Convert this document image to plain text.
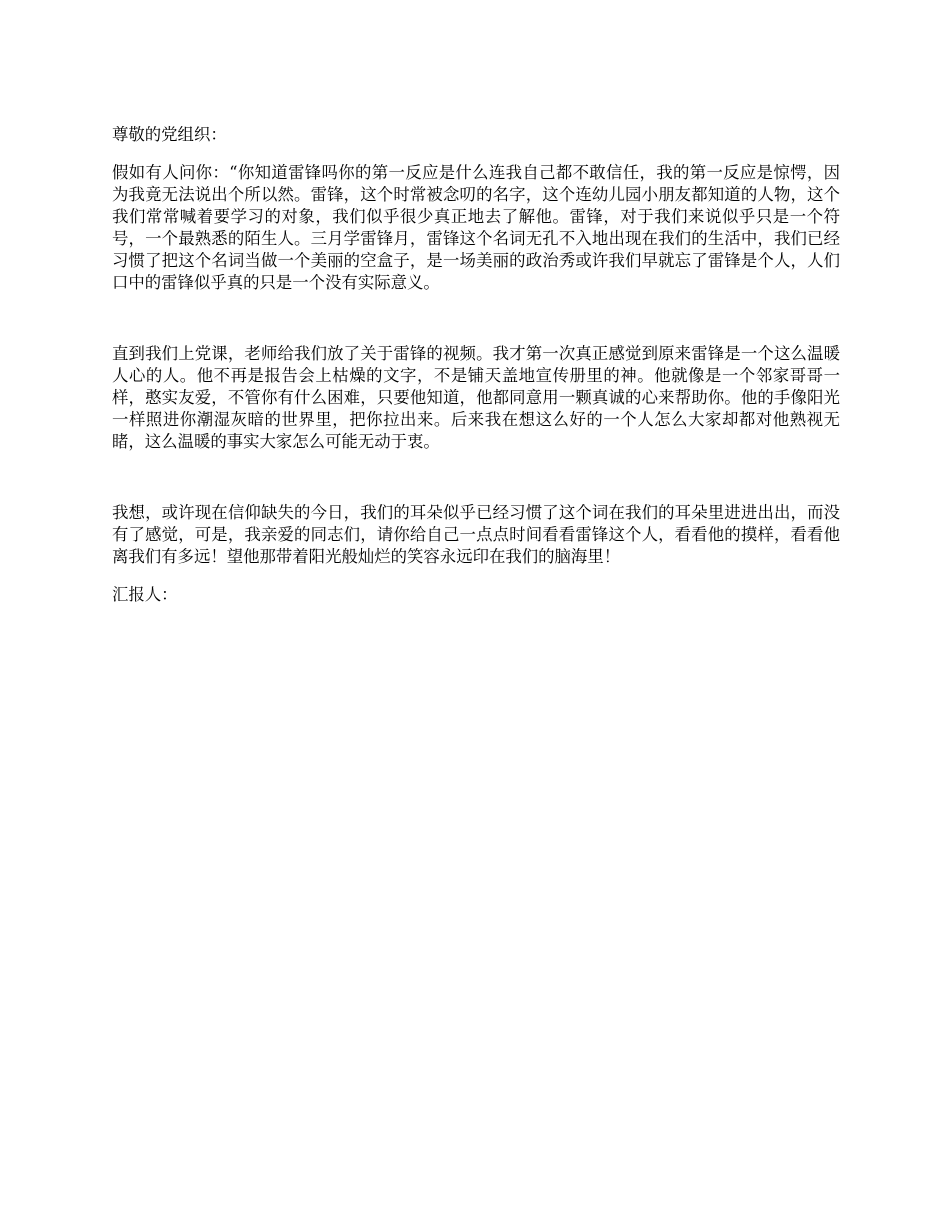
尊敬的党组织：

假如有人问你：“你知道雷锋吗你的第一反应是什么连我自己都不敢信任，我的第一反应是惊愕，因为我竟无法说出个所以然。雷锋，这个时常被念叨的名字，这个连幼儿园小朋友都知道的人物，这个我们常常喊着要学习的对象，我们似乎很少真正地去了解他。雷锋，对于我们来说似乎只是一个符号，一个最熟悉的陌生人。三月学雷锋月，雷锋这个名词无孔不入地出现在我们的生活中，我们已经习惯了把这个名词当做一个美丽的空盒子，是一场美丽的政治秀或许我们早就忘了雷锋是个人，人们口中的雷锋似乎真的只是一个没有实际意义。

直到我们上党课，老师给我们放了关于雷锋的视频。我才第一次真正感觉到原来雷锋是一个这么温暖人心的人。他不再是报告会上枯燥的文字，不是铺天盖地宣传册里的神。他就像是一个邻家哥哥一样，憨实友爱，不管你有什么困难，只要他知道，他都同意用一颗真诚的心来帮助你。他的手像阳光一样照进你潮湿灰暗的世界里，把你拉出来。后来我在想这么好的一个人怎么大家却都对他熟视无睹，这么温暖的事实大家怎么可能无动于衷。

我想，或许现在信仰缺失的今日，我们的耳朵似乎已经习惯了这个词在我们的耳朵里进进出出，而没有了感觉，可是，我亲爱的同志们，请你给自己一点点时间看看雷锋这个人，看看他的摸样，看看他离我们有多远！望他那带着阳光般灿烂的笑容永远印在我们的脑海里！

汇报人：
